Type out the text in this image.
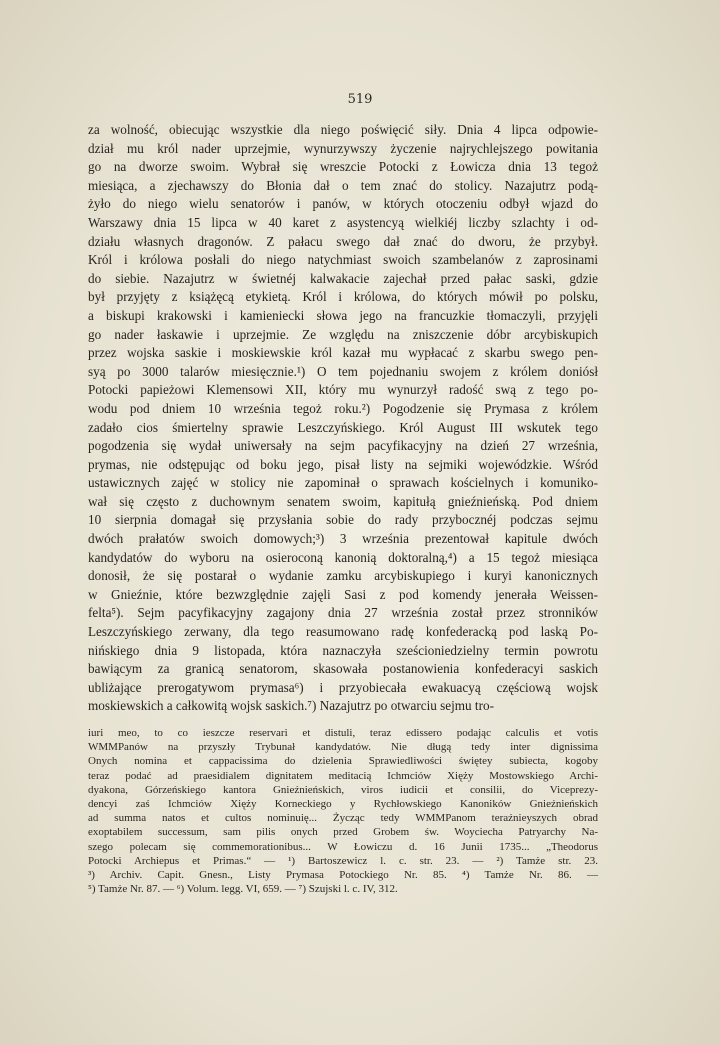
519
za wolność, obiecując wszystkie dla niego poświęcić siły. Dnia 4 lipca odpowie-
dział mu król nader uprzejmie, wynurzywszy życzenie najrychlejszego powitania
go na dworze swoim. Wybrał się wreszcie Potocki z Łowicza dnia 13 tegoż
miesiąca, a zjechawszy do Błonia dał o tem znać do stolicy. Nazajutrz podą-
żyło do niego wielu senatorów i panów, w których otoczeniu odbył wjazd do
Warszawy dnia 15 lipca w 40 karet z asystencyą wielkiéj liczby szlachty i od-
działu własnych dragonów. Z pałacu swego dał znać do dworu, że przybył.
Król i królowa posłali do niego natychmiast swoich szambelanów z zaprosinami
do siebie. Nazajutrz w świetnéj kalwakacie zajechał przed pałac saski, gdzie
był przyjęty z książęcą etykietą. Król i królowa, do których mówił po polsku,
a biskupi krakowski i kamieniecki słowa jego na francuzkie tłomaczyli, przyjęli
go nader łaskawie i uprzejmie. Ze względu na zniszczenie dóbr arcybiskupich
przez wojska saskie i moskiewskie król kazał mu wypłacać z skarbu swego pen-
syą po 3000 talarów miesięcznie.¹) O tem pojednaniu swojem z królem doniósł
Potocki papieżowi Klemensowi XII, który mu wynurzył radość swą z tego po-
wodu pod dniem 10 września tegoż roku.²) Pogodzenie się Prymasa z królem
zadało cios śmiertelny sprawie Leszczyńskiego. Król August III wskutek tego
pogodzenia się wydał uniwersały na sejm pacyfikacyjny na dzień 27 września,
prymas, nie odstępując od boku jego, pisał listy na sejmiki wojewódzkie. Wśród
ustawicznych zajęć w stolicy nie zapominał o sprawach kościelnych i komuniko-
wał się często z duchownym senatem swoim, kapitułą gnieźnieńską. Pod dniem
10 sierpnia domagał się przysłania sobie do rady przybocznéj podczas sejmu
dwóch prałatów swoich domowych;³) 3 września prezentował kapitule dwóch
kandydatów do wyboru na osieroconą kanonią doktoralną,⁴) a 15 tegoż miesiąca
donosił, że się postarał o wydanie zamku arcybiskupiego i kuryi kanonicznych
w Gnieźnie, które bezwzględnie zajęli Sasi z pod komendy jenerała Weissen-
felta⁵). Sejm pacyfikacyjny zagajony dnia 27 września został przez stronników
Leszczyńskiego zerwany, dla tego reasumowano radę konfederacką pod laską Po-
nińskiego dnia 9 listopada, która naznaczyła sześcioniedzielny termin powrotu
bawiącym za granicą senatorom, skasowała postanowienia konfederacyi saskich
ubliżające prerogatywom prymasa⁶) i przyobiecała ewakuacyą częściową wojsk
moskiewskich a całkowitą wojsk saskich.⁷) Nazajutrz po otwarciu sejmu tro-
iuri meo, to co ieszcze reservari et distuli, teraz edissero podając calculis et votis
WMMPanów na przyszły Trybunał kandydatów. Nie długą tedy inter dignissima
Onych nomina et cappacissima do dzielenia Sprawiedliwości świętey subiecta, kogoby
teraz podać ad praesidialem dignitatem meditacią Ichmciów Xięży Mostowskiego Archi-
dyakona, Górzeńskiego kantora Gnieźnieńskich, viros iudicii et consilii, do Viceprezy-
dencyi zaś Ichmciów Xięży Korneckiego y Rychłowskiego Kanoników Gnieźnieńskich
ad summa natos et cultos nominuię... Życząc tedy WMMPanom teraźnieyszych obrad
exoptabilem successum, sam pilis onych przed Grobem św. Woyciecha Patryarchy Na-
szego polecam się commemorationibus... W Łowiczu d. 16 Junii 1735... „Theodorus
Potocki Archiepus et Primas.“ — ¹) Bartoszewicz l. c. str. 23. — ²) Tamże str. 23.
³) Archiv. Capit. Gnesn., Listy Prymasa Potockiego Nr. 85. ⁴) Tamże Nr. 86. —
⁵) Tamże Nr. 87. — ⁶) Volum. legg. VI, 659. — ⁷) Szujski l. c. IV, 312.
